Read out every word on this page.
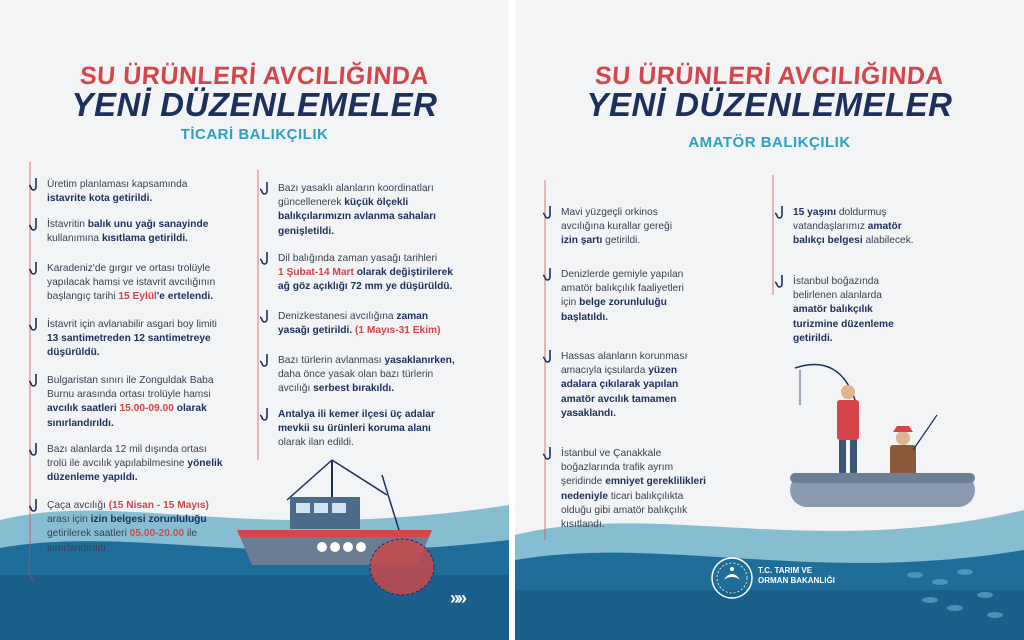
SU ÜRÜNLERİ AVCILIĞINDA
YENİ DÜZENLEMELER
TİCARİ BALIKÇILIK
Üretim planlaması kapsamında
istavrite kota getirildi.
İstavritin balık unu yağı sanayinde
kullanımına kısıtlama getirildi.
Karadeniz'de gırgır ve ortası trolüyle
yapılacak hamsi ve istavrit avcılığının
başlangıç tarihi 15 Eylül'e ertelendi.
İstavrit için avlanabilir asgari boy limiti
13 santimetreden 12 santimetreye
düşürüldü.
Bulgaristan sınırı ile Zonguldak Baba
Burnu arasında ortası trolüyle hamsi
avcılık saatleri 15.00-09.00 olarak
sınırlandırıldı.
Bazı alanlarda 12 mil dışında ortası
trolü ile avcılık yapılabilmesine yönelik
düzenleme yapıldı.
Çaça avcılığı (15 Nisan - 15 Mayıs)
arası için izin belgesi zorunluluğu
getirilerek saatleri 05.00-20.00 ile
sınırlandırıldı.
Bazı yasaklı alanların koordinatları
güncellenerek küçük ölçekli
balıkçılarımızın avlanma sahaları
genişletildi.
Dil balığında zaman yasağı tarihleri
1 Şubat-14 Mart olarak değiştirilerek
ağ göz açıklığı 72 mm ye düşürüldü.
Denizkestanesi avcılığına zaman
yasağı getirildi. (1 Mayıs-31 Ekim)
Bazı türlerin avlanması yasaklanırken,
daha önce yasak olan bazı türlerin
avcılığı serbest bırakıldı.
Antalya ili kemer ilçesi üç adalar
mevkii su ürünleri koruma alanı
olarak ilan edildi.
»»
SU ÜRÜNLERİ AVCILIĞINDA
YENİ DÜZENLEMELER
AMATÖR BALIKÇILIK
Mavi yüzgeçli orkinos
avcılığına kurallar gereği
izin şartı getirildi.
Denizlerde gemiyle yapılan
amatör balıkçılık faaliyetleri
için belge zorunluluğu
başlatıldı.
Hassas alanların korunması
amacıyla içsularda yüzen
adalara çıkılarak yapılan
amatör avcılık tamamen
yasaklandı.
İstanbul ve Çanakkale
boğazlarında trafik ayrım
şeridinde emniyet gereklilikleri
nedeniyle ticari balıkçılıkta
olduğu gibi amatör balıkçılık
kısıtlandı.
15 yaşını doldurmuş
vatandaşlarımız amatör
balıkçı belgesi alabilecek.
İstanbul boğazında
belirlenen alanlarda
amatör balıkçılık
turizmine düzenleme
getirildi.
T.C. TARIM VE
ORMAN BAKANLIĞI
